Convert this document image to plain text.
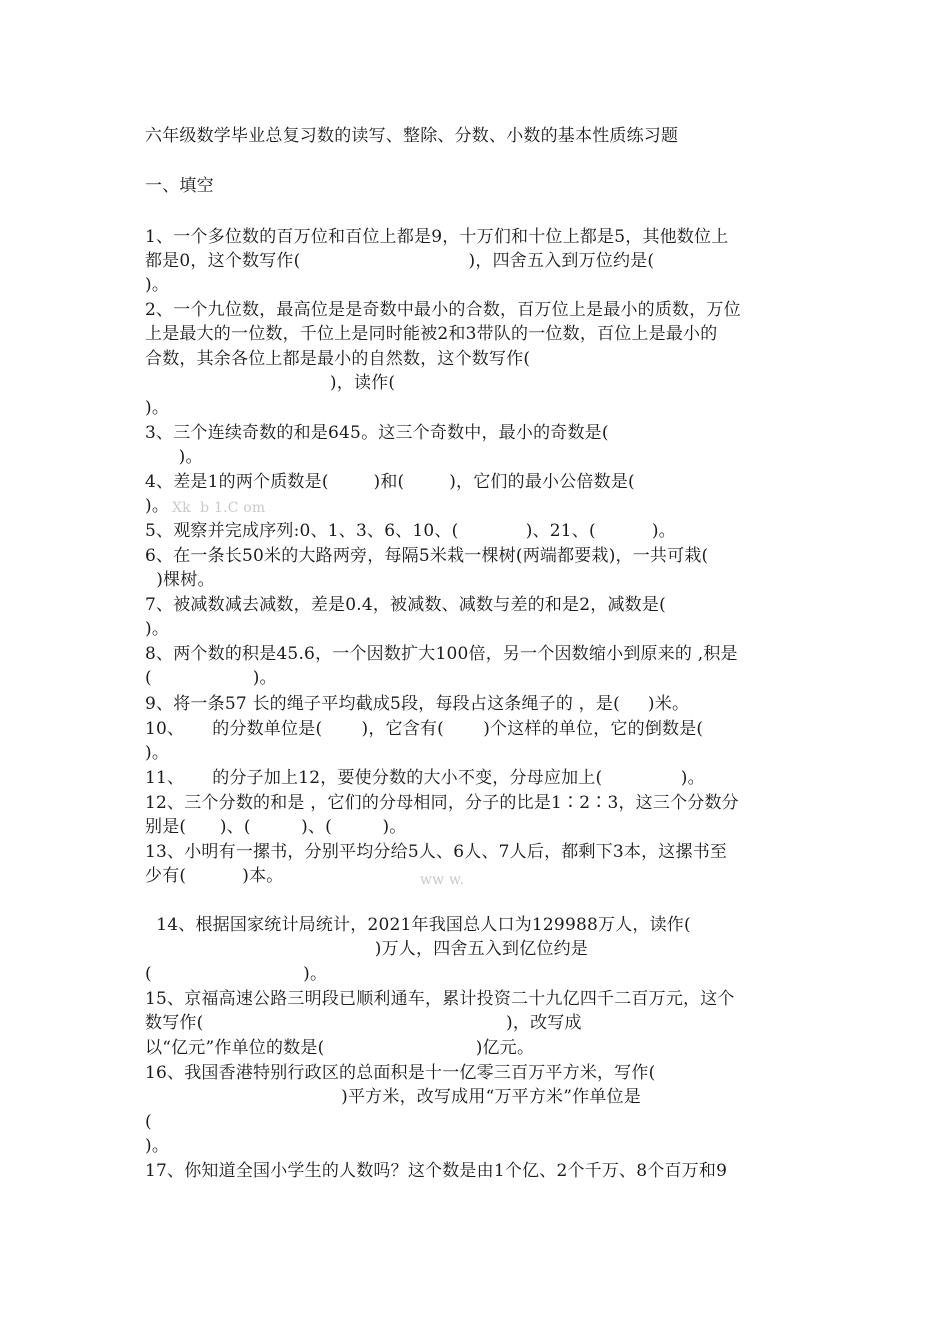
六年级数学毕业总复习数的读写、整除、分数、小数的基本性质练习题
一、填空
1、一个多位数的百万位和百位上都是9，十万们和十位上都是5，其他数位上
都是0，这个数写作(                              )，四舍五入到万位约是(
)。
2、一个九位数，最高位是是奇数中最小的合数，百万位上是最小的质数，万位
上是最大的一位数，千位上是同时能被2和3带队的一位数，百位上是最小的
合数，其余各位上都是最小的自然数，这个数写作(
)，读作(
)。
3、三个连续奇数的和是645。这三个奇数中，最小的奇数是(
)。
4、差是1的两个质数是(        )和(        )，它们的最小公倍数是(
)。 Xk  b 1.C om
5、观察并完成序列:0、1、3、6、10、(            )、21、(          )。
6、在一条长50米的大路两旁，每隔5米栽一棵树(两端都要栽)，一共可栽(
)棵树。
7、被减数减去减数，差是0.4，被减数、减数与差的和是2，减数是(
)。
8、两个数的积是45.6，一个因数扩大100倍，另一个因数缩小到原来的 ,积是
(                  )。
9、将一条57 长的绳子平均截成5段，每段占这条绳子的 ，是(     )米。
10、     的分数单位是(       )，它含有(       )个这样的单位，它的倒数是(
)。
11、     的分子加上12，要使分数的大小不变，分母应加上(              )。
12、三个分数的和是 ，它们的分母相同，分子的比是1∶2∶3，这三个分数分
别是(      )、(         )、(         )。
13、小明有一摞书，分别平均分给5人、6人、7人后，都剩下3本，这摞书至
少有(          )本。	ww w.
14、根据国家统计局统计，2021年我国总人口为129988万人，读作(
)万人，四舍五入到亿位约是
(                           )。
15、京福高速公路三明段已顺利通车，累计投资二十九亿四千二百万元，这个
数写作(                                                      )，改写成
以“亿元”作单位的数是(                           )亿元。
16、我国香港特别行政区的总面积是十一亿零三百万平方米，写作(
)平方米，改写成用“万平方米”作单位是
(
)。
17、你知道全国小学生的人数吗？这个数是由1个亿、2个千万、8个百万和9
